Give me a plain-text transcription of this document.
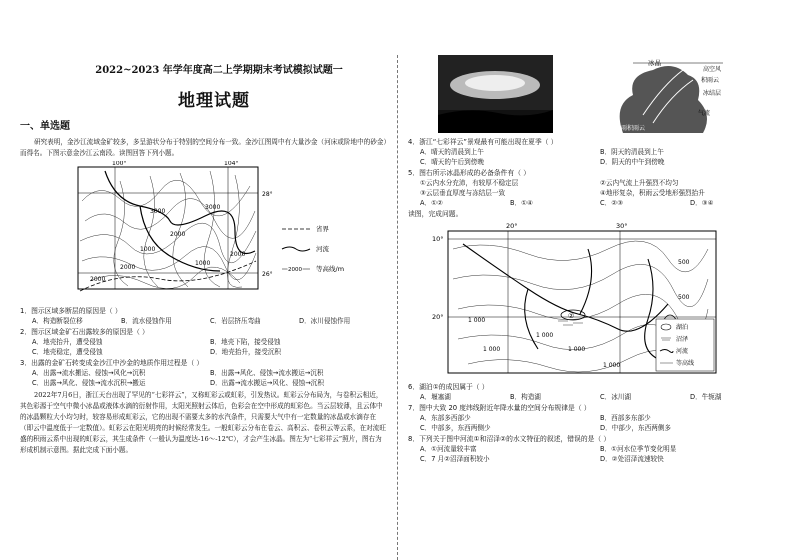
2022~2023 年学年度高二上学期期末考试模拟试题一
地理试题
一、单选题
研究表明，金沙江流域金矿较多，多呈游状分布于特别的空间分布一致。金沙江图周中有大量沙金（河床或阶地中的砂金）而得名。下图示意金沙江云南段。读图回答下列小题。
100°	104°
28°
26°
3000
3000
2000
1000
2000
2000
1000
2000
省界
河流
2000 等高线/m
1．图示区域多断层的原因是（ ）
A．构造断裂位移	B．流水侵蚀作用	C．岩层挤压弯曲	D．冰川侵蚀作用
2．图示区域金矿石出露较多的原因是（ ）
A．地壳抬升，遭受侵蚀	B．地壳下陷，接受侵蚀
C．地壳稳定，遭受侵蚀	D．地壳抬升，接受沉积
3．出露的金矿石转变成金沙江中沙金的地质作用过程是（ ）
A．出露→流水搬运、侵蚀→风化→沉积	B．出露→风化、侵蚀→流水搬运→沉积
C．出露→风化、侵蚀→流水沉积→搬运	D．出露→流水搬运→风化、侵蚀→沉积
2022年7月6日，浙江天台出现了罕见的“七彩祥云”，又称虹彩云或虹彩，引发热议。虹彩云分布局为，与卷积云相近，其色彩源于空气中微小冰晶或液体水滴的衍射作用，太阳光照射云体后，色彩会在空中形成的虹彩色。当云层较薄，且云体中的冰晶颗粒大小均匀时，较容易形成虹彩云，它的出现不需要太多的水汽条件，只需要大气中有一定数量的冰晶或水滴存在（即云中温度低于一定数值）。虹彩云在阳光明亮的时候经常发生。一般虹彩云分布在卷云、高积云、卷积云等云系，在对流旺盛的积雨云系中出现的虹彩云，其生成条件（一般认为温度达-16～-12℃），才会产生冰晶。图左为“七彩祥云”照片，图右为形成机制示意图。据此完成下面小题。
冰晶
高空风
积雨云
冰结层
气流
阵雨积雨云
4．浙江“七彩祥云”景观最有可能出现在夏季（ ）
A．晴天的清晨到上午	B．阴天的清晨到上午
C．晴天的午后到傍晚	D．阴天的中午到傍晚
5．图右所示冰晶形成的必备条件有（ ）
①云内水分充沛，有较厚不稳定层	②云内气流上升强烈不均匀
③云层垂直厚度与冻结层一致	④地形复杂，积雨云受地形强烈抬升
A．①②	B．①④	C．②③	D．③④
读图，完成问题。
20°	30°
10°
20°
500
500
1 000
1 000
1 000	1 000
1 000
②
湖泊
沼泽
河流
等高线
6．湖泊①的成因属于（ ）
A．堰塞湖	B．构造湖	C．冰川湖	D．牛轭湖
7．图中大致 20 度纬线附近年降水量的空间分布规律是（ ）
A．东部多西部少	B．西部多东部少
C．中部多，东西两侧少	D．中部少，东西两侧多
8．下列关于图中河流①和沼泽②的水文特征的叙述，错误的是（ ）
A．①河流量较丰富	B．①河水位季节变化明显
C．7 月②沼泽面积较小	D．②处沼泽流速较快
